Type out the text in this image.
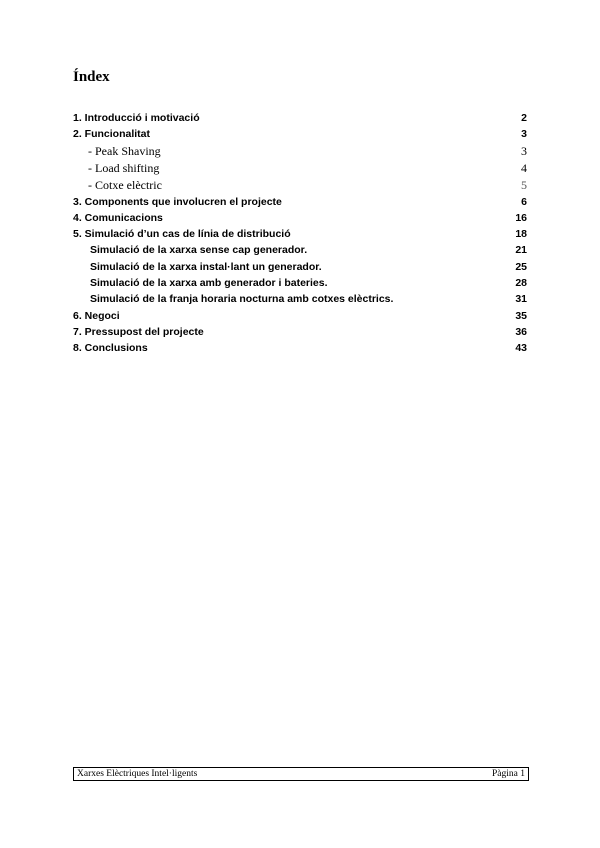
Índex
1. Introducció i motivació	2
2. Funcionalitat	3
- Peak Shaving	3
- Load shifting	4
- Cotxe elèctric	5
3. Components que involucren el projecte	6
4. Comunicacions	16
5. Simulació d’un cas de línia de distribució	18
Simulació de la xarxa sense cap generador.	21
Simulació de la xarxa instal·lant un generador.	25
Simulació de la xarxa amb generador i bateries.	28
Simulació de la franja horaria nocturna amb cotxes elèctrics.	31
6. Negoci	35
7. Pressupost del projecte	36
8. Conclusions	43
Xarxes Elèctriques Intel·ligents	Pàgina 1
